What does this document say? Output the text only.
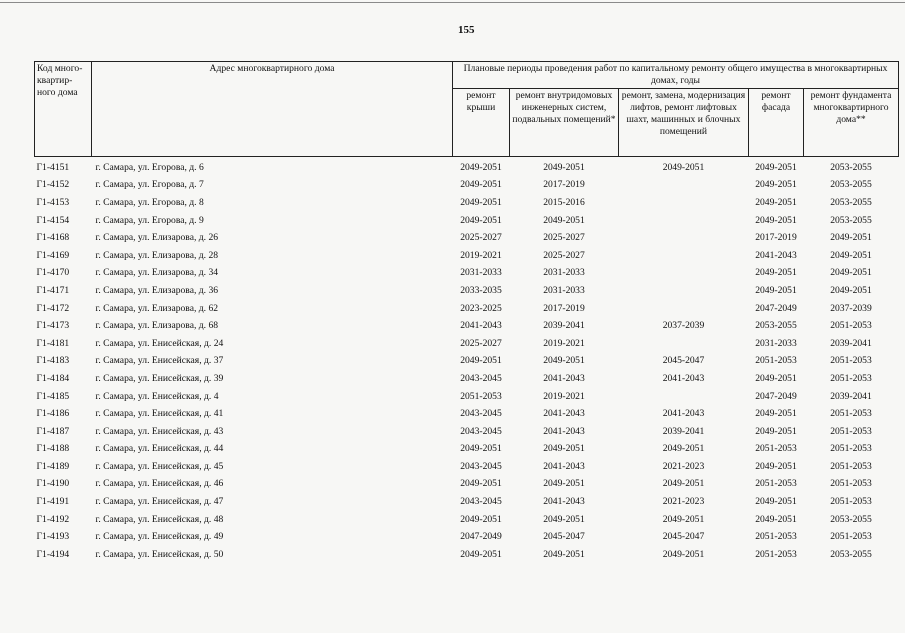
155
Код много-квартир-ного дома	Адрес многоквартирного дома	Плановые периоды проведения работ по капитальному ремонту общего имущества в многоквартирных домах, годы				
		ремонт крыши	ремонт внутридомовых инженерных систем, подвальных помещений*	ремонт, замена, модернизация лифтов, ремонт лифтовых шахт, машинных и блочных помещений	ремонт фасада	ремонт фундамента многоквартирного дома**
Г1-4151	г. Самара, ул. Егорова, д. 6	2049-2051	2049-2051	2049-2051	2049-2051	2053-2055
Г1-4152	г. Самара, ул. Егорова, д. 7	2049-2051	2017-2019		2049-2051	2053-2055
Г1-4153	г. Самара, ул. Егорова, д. 8	2049-2051	2015-2016		2049-2051	2053-2055
Г1-4154	г. Самара, ул. Егорова, д. 9	2049-2051	2049-2051		2049-2051	2053-2055
Г1-4168	г. Самара, ул. Елизарова, д. 26	2025-2027	2025-2027		2017-2019	2049-2051
Г1-4169	г. Самара, ул. Елизарова, д. 28	2019-2021	2025-2027		2041-2043	2049-2051
Г1-4170	г. Самара, ул. Елизарова, д. 34	2031-2033	2031-2033		2049-2051	2049-2051
Г1-4171	г. Самара, ул. Елизарова, д. 36	2033-2035	2031-2033		2049-2051	2049-2051
Г1-4172	г. Самара, ул. Елизарова, д. 62	2023-2025	2017-2019		2047-2049	2037-2039
Г1-4173	г. Самара, ул. Елизарова, д. 68	2041-2043	2039-2041	2037-2039	2053-2055	2051-2053
Г1-4181	г. Самара, ул. Енисейская, д. 24	2025-2027	2019-2021		2031-2033	2039-2041
Г1-4183	г. Самара, ул. Енисейская, д. 37	2049-2051	2049-2051	2045-2047	2051-2053	2051-2053
Г1-4184	г. Самара, ул. Енисейская, д. 39	2043-2045	2041-2043	2041-2043	2049-2051	2051-2053
Г1-4185	г. Самара, ул. Енисейская, д. 4	2051-2053	2019-2021		2047-2049	2039-2041
Г1-4186	г. Самара, ул. Енисейская, д. 41	2043-2045	2041-2043	2041-2043	2049-2051	2051-2053
Г1-4187	г. Самара, ул. Енисейская, д. 43	2043-2045	2041-2043	2039-2041	2049-2051	2051-2053
Г1-4188	г. Самара, ул. Енисейская, д. 44	2049-2051	2049-2051	2049-2051	2051-2053	2051-2053
Г1-4189	г. Самара, ул. Енисейская, д. 45	2043-2045	2041-2043	2021-2023	2049-2051	2051-2053
Г1-4190	г. Самара, ул. Енисейская, д. 46	2049-2051	2049-2051	2049-2051	2051-2053	2051-2053
Г1-4191	г. Самара, ул. Енисейская, д. 47	2043-2045	2041-2043	2021-2023	2049-2051	2051-2053
Г1-4192	г. Самара, ул. Енисейская, д. 48	2049-2051	2049-2051	2049-2051	2049-2051	2053-2055
Г1-4193	г. Самара, ул. Енисейская, д. 49	2047-2049	2045-2047	2045-2047	2051-2053	2051-2053
Г1-4194	г. Самара, ул. Енисейская, д. 50	2049-2051	2049-2051	2049-2051	2051-2053	2053-2055
